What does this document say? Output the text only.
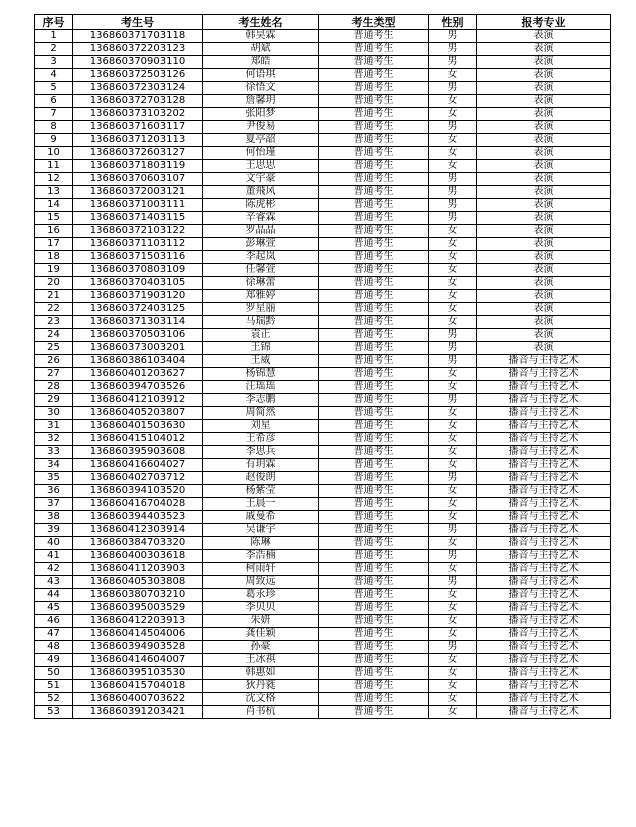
序号	考生号	考生姓名	考生类型	性别	报考专业
1	136860371703118	韩昊霖	普通考生	男	表演
2	136860372203123	胡斌	普通考生	男	表演
3	136860370903110	郑皓	普通考生	男	表演
4	136860372503126	何语琪	普通考生	女	表演
5	136860372303124	徐悟文	普通考生	男	表演
6	136860372703128	詹馨玥	普通考生	女	表演
7	136860373103202	张阳梦	普通考生	女	表演
8	136860371603117	尹俊易	普通考生	男	表演
9	136860371203113	夏亭韶	普通考生	女	表演
10	136860372603127	何怡瑾	普通考生	女	表演
11	136860371803119	王思思	普通考生	女	表演
12	136860370603107	文宇豪	普通考生	男	表演
13	136860372003121	董飛风	普通考生	男	表演
14	136860371003111	陈虎彬	普通考生	男	表演
15	136860371403115	辛睿霖	普通考生	男	表演
16	136860372103122	罗晶晶	普通考生	女	表演
17	136860371103112	彭琳萱	普通考生	女	表演
18	136860371503116	李起岚	普通考生	女	表演
19	136860370803109	任馨萱	普通考生	女	表演
20	136860370403105	徐琳蕾	普通考生	女	表演
21	136860371903120	郑雅婷	普通考生	女	表演
22	136860372403125	罗星丽	普通考生	女	表演
23	136860371303114	马瑞黔	普通考生	女	表演
24	136860370503106	袁正	普通考生	男	表演
25	136860373003201	王锦	普通考生	男	表演
26	136860386103404	王威	普通考生	男	播音与主持艺术
27	136860401203627	杨锦慧	普通考生	女	播音与主持艺术
28	136860394703526	汪瑶瑶	普通考生	女	播音与主持艺术
29	136860412103912	李志鹏	普通考生	男	播音与主持艺术
30	136860405203807	周简然	普通考生	女	播音与主持艺术
31	136860401503630	刘星	普通考生	女	播音与主持艺术
32	136860415104012	王希彦	普通考生	女	播音与主持艺术
33	136860395903608	李思兵	普通考生	女	播音与主持艺术
34	136860416604027	有玥霖	普通考生	女	播音与主持艺术
35	136860402703712	赵俊朗	普通考生	男	播音与主持艺术
36	136860394103520	杨紫莹	普通考生	女	播音与主持艺术
37	136860416704028	王晨一	普通考生	女	播音与主持艺术
38	136860394403523	戚曼希	普通考生	女	播音与主持艺术
39	136860412303914	吴谦宇	普通考生	男	播音与主持艺术
40	136860384703320	陈琳	普通考生	女	播音与主持艺术
41	136860400303618	李浩楠	普通考生	男	播音与主持艺术
42	136860411203903	柯雨轩	普通考生	女	播音与主持艺术
43	136860405303808	周致远	普通考生	男	播音与主持艺术
44	136860380703210	葛永珍	普通考生	女	播音与主持艺术
45	136860395003529	李贝贝	普通考生	女	播音与主持艺术
46	136860412203913	朱妍	普通考生	女	播音与主持艺术
47	136860414504006	龚佳颖	普通考生	女	播音与主持艺术
48	136860394903528	孙豪	普通考生	男	播音与主持艺术
49	136860414604007	王冰祺	普通考生	女	播音与主持艺术
50	136860395103530	韩惠如	普通考生	女	播音与主持艺术
51	136860415704018	狄丹蕤	普通考生	女	播音与主持艺术
52	136860400703622	沈文格	普通考生	女	播音与主持艺术
53	136860391203421	肖书杭	普通考生	女	播音与主持艺术
